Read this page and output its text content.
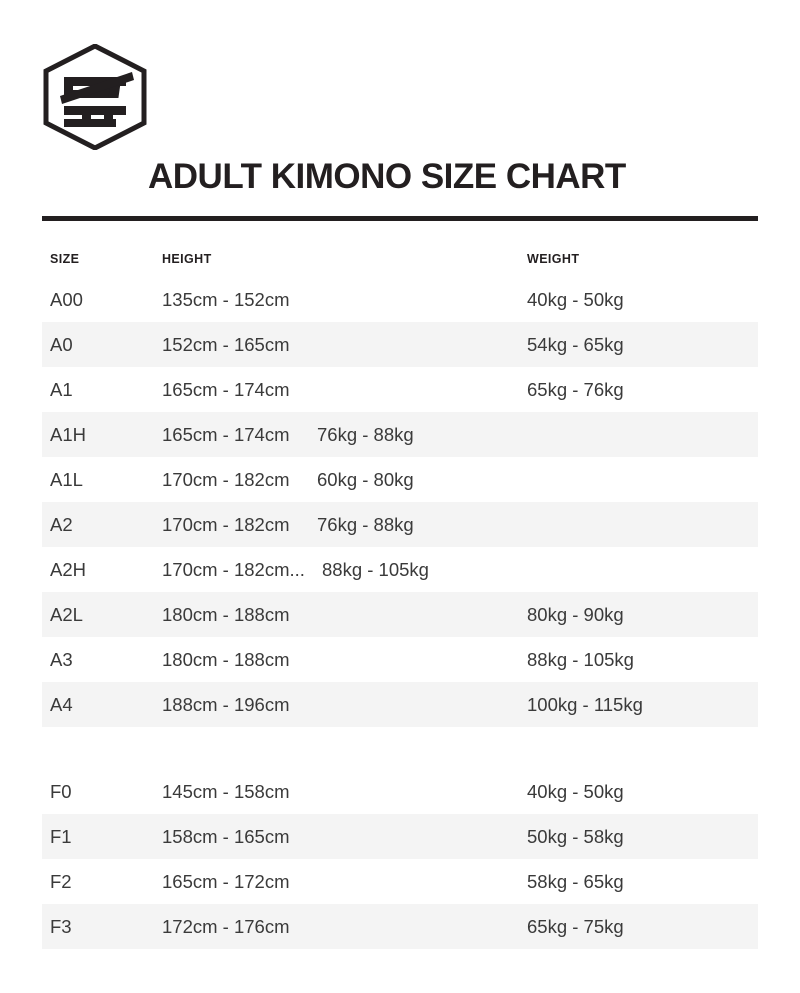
ADULT KIMONO SIZE CHART
SIZE	HEIGHT	WEIGHT
A00	135cm - 152cm	40kg - 50kg
A0	152cm - 165cm	54kg - 65kg
A1	165cm - 174cm	65kg - 76kg
A1H	165cm - 174cm	76kg - 88kg
A1L	170cm - 182cm	60kg - 80kg
A2	170cm - 182cm	76kg - 88kg
A2H	170cm - 182cm... 88kg - 105kg
A2L	180cm - 188cm	80kg - 90kg
A3	180cm - 188cm	88kg - 105kg
A4	188cm - 196cm	100kg - 115kg
F0	145cm - 158cm	40kg - 50kg
F1	158cm - 165cm	50kg - 58kg
F2	165cm - 172cm	58kg - 65kg
F3	172cm - 176cm	65kg - 75kg
